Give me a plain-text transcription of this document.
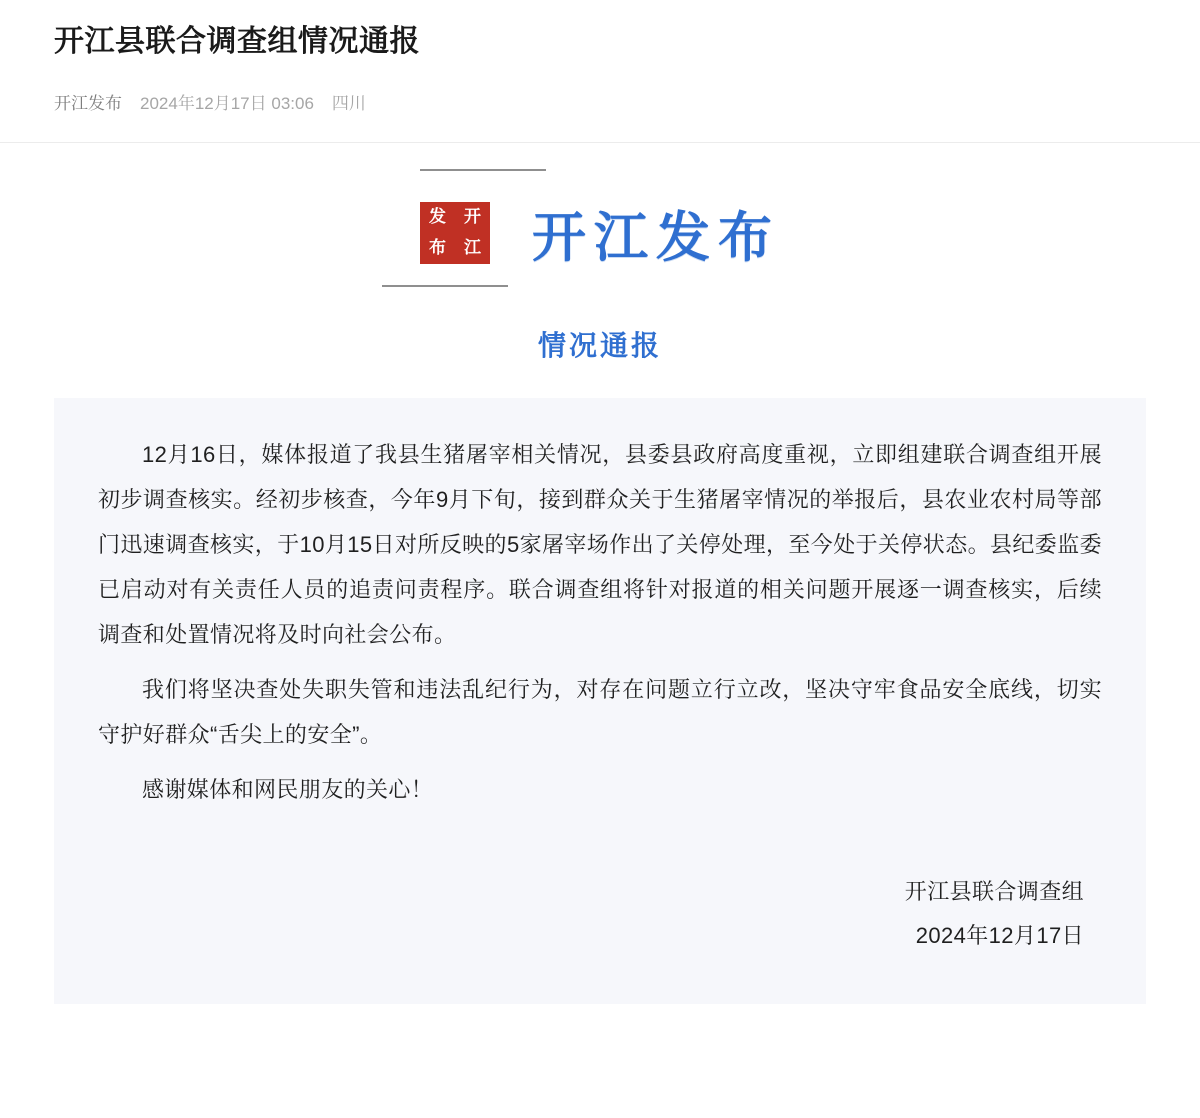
开江县联合调查组情况通报
开江发布 2024年12月17日 03:06 四川
发 开
布 江 开江发布
情况通报

12月16日，媒体报道了我县生猪屠宰相关情况，县委县政府高度重视，立即组建联合调查组开展初步调查核实。经初步核查，今年9月下旬，接到群众关于生猪屠宰情况的举报后，县农业农村局等部门迅速调查核实，于10月15日对所反映的5家屠宰场作出了关停处理，至今处于关停状态。县纪委监委已启动对有关责任人员的追责问责程序。联合调查组将针对报道的相关问题开展逐一调查核实，后续调查和处置情况将及时向社会公布。

我们将坚决查处失职失管和违法乱纪行为，对存在问题立行立改，坚决守牢食品安全底线，切实守护好群众“舌尖上的安全”。

感谢媒体和网民朋友的关心！

开江县联合调查组
2024年12月17日
